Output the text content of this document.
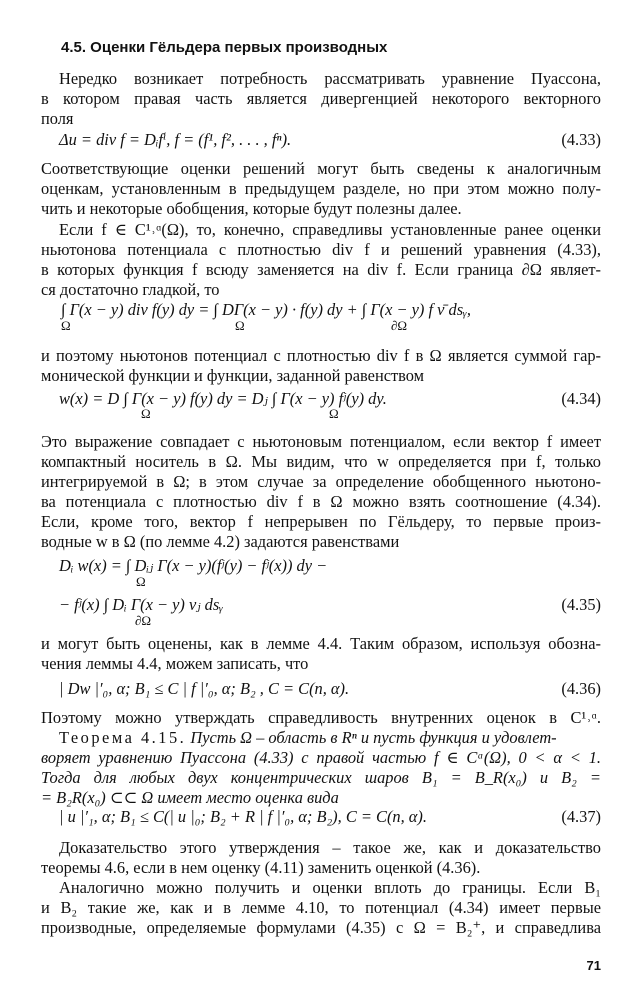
4.5. Оценки Гёльдера первых производных
Нередко возникает потребность рассматривать уравнение Пуассона,
в котором правая часть является дивергенцией некоторого векторного
поля
Δu = div f = Dᵢfⁱ, f = (f¹, f², . . . , fⁿ).	(4.33)
Соответствующие оценки решений могут быть сведены к аналогичным
оценкам, установленным в предыдущем разделе, но при этом можно полу-
чить и некоторые обобщения, которые будут полезны далее.
Если f ∈ C¹˒ᵅ(Ω), то, конечно, справедливы установленные ранее оценки
ньютонова потенциала с плотностью div f и решений уравнения (4.33),
в которых функция f всюду заменяется на div f. Если граница ∂Ω являет-
ся достаточно гладкой, то
∫ Γ(x − y) div f(y) dy = ∫ DΓ(x − y) · f(y) dy + ∫ Γ(x − y) f ν̄ dsᵧ,
Ω	Ω	∂Ω
и поэтому ньютонов потенциал с плотностью div f в Ω является суммой гар-
монической функции и функции, заданной равенством
w(x) = D ∫ Γ(x − y) f(y) dy = Dⱼ ∫ Γ(x − y) fʲ(y) dy.
Ω	Ω
(4.34)
Это выражение совпадает с ньютоновым потенциалом, если вектор f имеет
компактный носитель в Ω. Мы видим, что w определяется при f, только
интегрируемой в Ω; в этом случае за определение обобщенного ньютоно-
ва потенциала с плотностью div f в Ω можно взять соотношение (4.34).
Если, кроме того, вектор f непрерывен по Гёльдеру, то первые произ-
водные w в Ω (по лемме 4.2) задаются равенствами
Dᵢ w(x) = ∫ Dᵢⱼ Γ(x − y)(fʲ(y) − fʲ(x)) dy −
Ω
− fʲ(x) ∫ Dᵢ Γ(x − y) νⱼ dsᵧ
∂Ω
(4.35)
и могут быть оценены, как в лемме 4.4. Таким образом, используя обозна-
чения леммы 4.4, можем записать, что
| Dw |′₀, α; B₁ ≤ C | f |′₀, α; B₂ , C = C(n, α).	(4.36)
Поэтому можно утверждать справедливость внутренних оценок в C¹˒ᵅ.
Теорема 4.15. Пусть Ω – область в Rⁿ и пусть функция u удовлет-
воряет уравнению Пуассона (4.33) с правой частью f ∈ Cᵅ(Ω), 0 < α < 1.
Тогда для любых двух концентрических шаров B₁ = B_R(x₀) и B₂ =
= B₂R(x₀) ⊂⊂ Ω имеет место оценка вида
| u |′₁, α; B₁ ≤ C(| u |₀; B₂ + R | f |′₀, α; B₂), C = C(n, α).	(4.37)
Доказательство этого утверждения – такое же, как и доказательство
теоремы 4.6, если в нем оценку (4.11) заменить оценкой (4.36).
Аналогично можно получить и оценки вплоть до границы. Если B₁
и B₂ такие же, как и в лемме 4.10, то потенциал (4.34) имеет первые
производные, определяемые формулами (4.35) с Ω = B₂⁺, и справедлива
71
